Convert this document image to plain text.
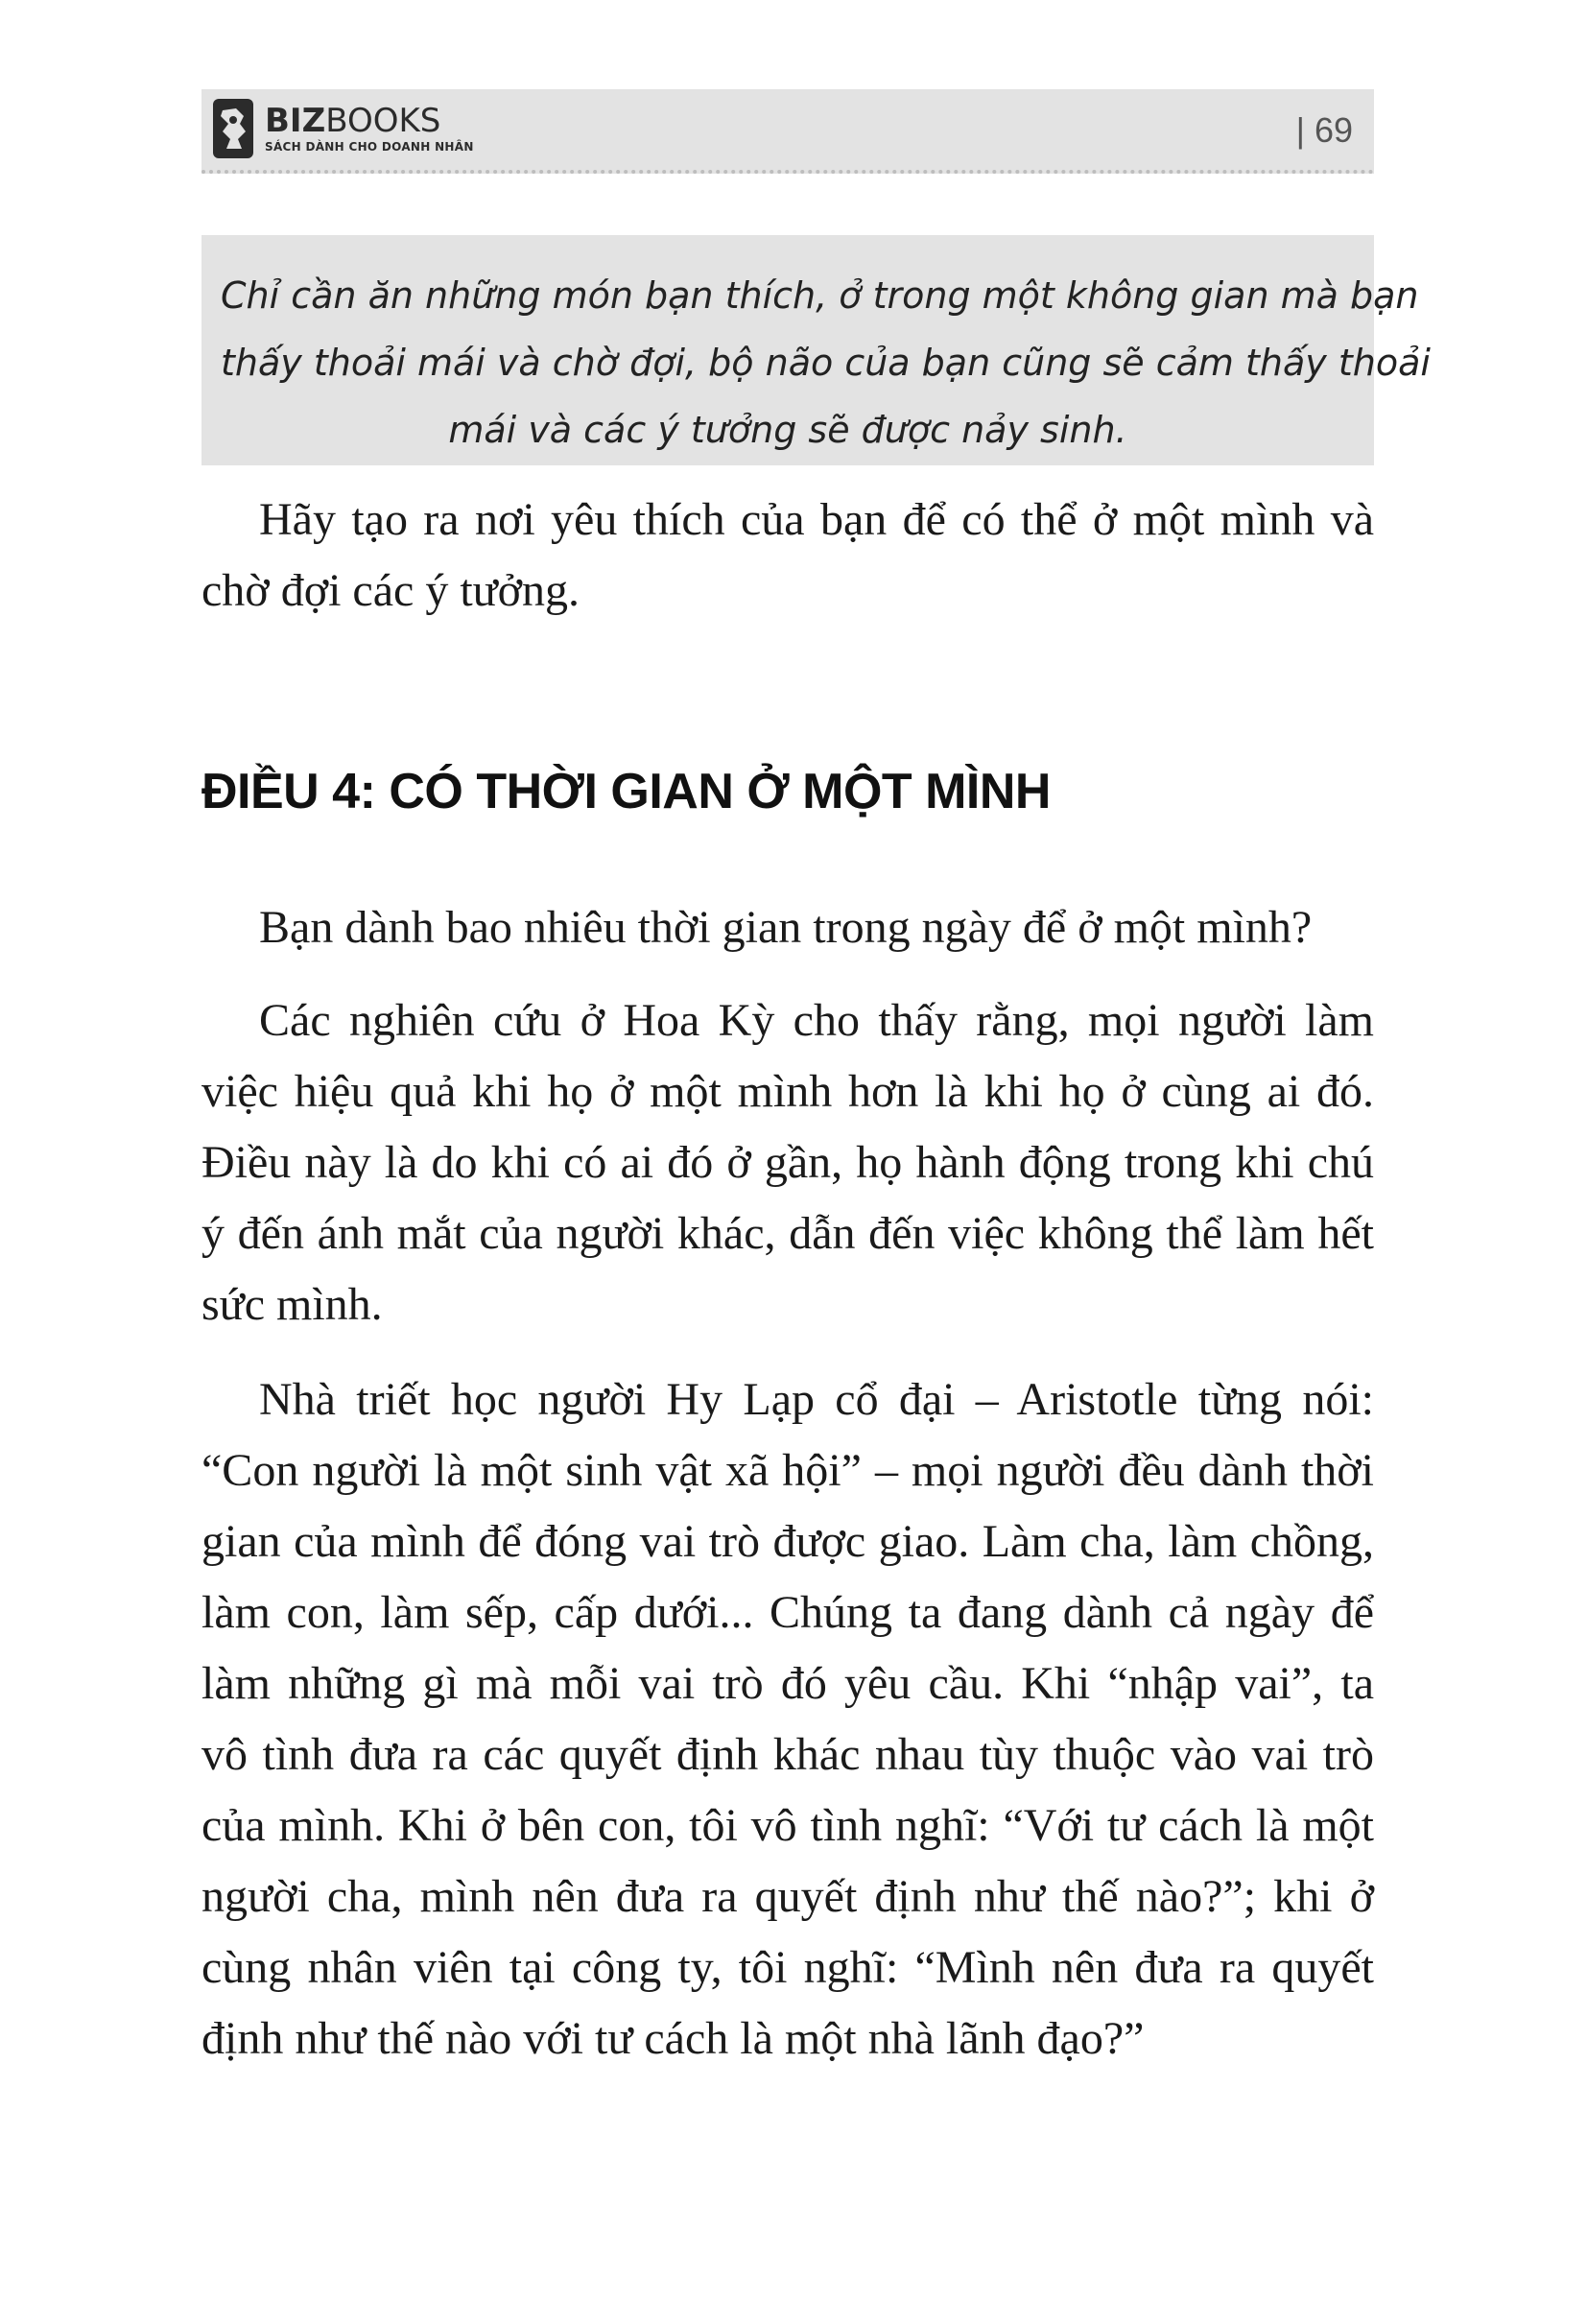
BIZBOOKS
SÁCH DÀNH CHO DOANH NHÂN	| 69
Chỉ cần ăn những món bạn thích, ở trong một không gian mà bạn
thấy thoải mái và chờ đợi, bộ não của bạn cũng sẽ cảm thấy thoải
mái và các ý tưởng sẽ được nảy sinh.
Hãy tạo ra nơi yêu thích của bạn để có thể ở một mình và
chờ đợi các ý tưởng.
ĐIỀU 4: CÓ THỜI GIAN Ở MỘT MÌNH
Bạn dành bao nhiêu thời gian trong ngày để ở một mình?
Các nghiên cứu ở Hoa Kỳ cho thấy rằng, mọi người làm
việc hiệu quả khi họ ở một mình hơn là khi họ ở cùng ai đó.
Điều này là do khi có ai đó ở gần, họ hành động trong khi chú
ý đến ánh mắt của người khác, dẫn đến việc không thể làm hết
sức mình.
Nhà triết học người Hy Lạp cổ đại – Aristotle từng nói:
“Con người là một sinh vật xã hội” – mọi người đều dành thời
gian của mình để đóng vai trò được giao. Làm cha, làm chồng,
làm con, làm sếp, cấp dưới... Chúng ta đang dành cả ngày để
làm những gì mà mỗi vai trò đó yêu cầu. Khi “nhập vai”, ta
vô tình đưa ra các quyết định khác nhau tùy thuộc vào vai trò
của mình. Khi ở bên con, tôi vô tình nghĩ: “Với tư cách là một
người cha, mình nên đưa ra quyết định như thế nào?”; khi ở
cùng nhân viên tại công ty, tôi nghĩ: “Mình nên đưa ra quyết
định như thế nào với tư cách là một nhà lãnh đạo?”
